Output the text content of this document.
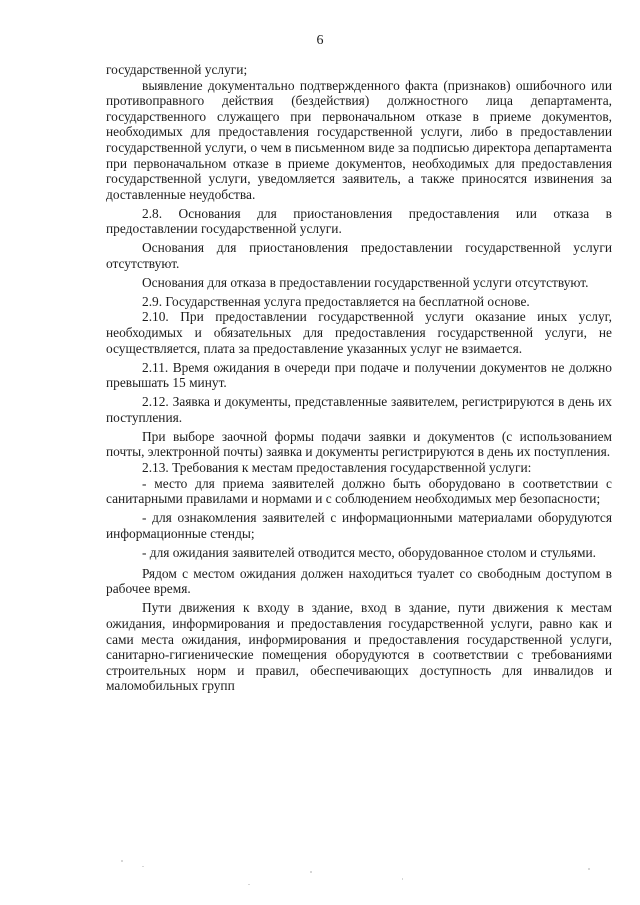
6

государственной услуги;

выявление документально подтвержденного факта (признаков) ошибочного или противоправного действия (бездействия) должностного лица департамента, государственного служащего при первоначальном отказе в приеме документов, необходимых для предоставления государственной услуги, либо в предоставлении государственной услуги, о чем в письменном виде за подписью директора департамента при первоначальном отказе в приеме документов, необходимых для предоставления государственной услуги, уведомляется заявитель, а также приносятся извинения за доставленные неудобства.

2.8. Основания для приостановления предоставления или отказа в предоставлении государственной услуги.

Основания для приостановления предоставлении государственной услуги отсутствуют.

Основания для отказа в предоставлении государственной услуги отсутствуют.

2.9. Государственная услуга предоставляется на бесплатной основе.

2.10. При предоставлении государственной услуги оказание иных услуг, необходимых и обязательных для предоставления государственной услуги, не осуществляется, плата за предоставление указанных услуг не взимается.

2.11. Время ожидания в очереди при подаче и получении документов не должно превышать 15 минут.

2.12. Заявка и документы, представленные заявителем, регистрируются в день их поступления.

При выборе заочной формы подачи заявки и документов (с использованием почты, электронной почты) заявка и документы регистрируются в день их поступления.

2.13. Требования к местам предоставления государственной услуги:

- место для приема заявителей должно быть оборудовано в соответствии с санитарными правилами и нормами и с соблюдением необходимых мер безопасности;

- для ознакомления заявителей с информационными материалами оборудуются информационные стенды;

- для ожидания заявителей отводится место, оборудованное столом и стульями.

Рядом с местом ожидания должен находиться туалет со свободным доступом в рабочее время.

Пути движения к входу в здание, вход в здание, пути движения к местам ожидания, информирования и предоставления государственной услуги, равно как и сами места ожидания, информирования и предоставления государственной услуги, санитарно-гигиенические помещения оборудуются в соответствии с требованиями строительных норм и правил, обеспечивающих доступность для инвалидов и маломобильных групп
